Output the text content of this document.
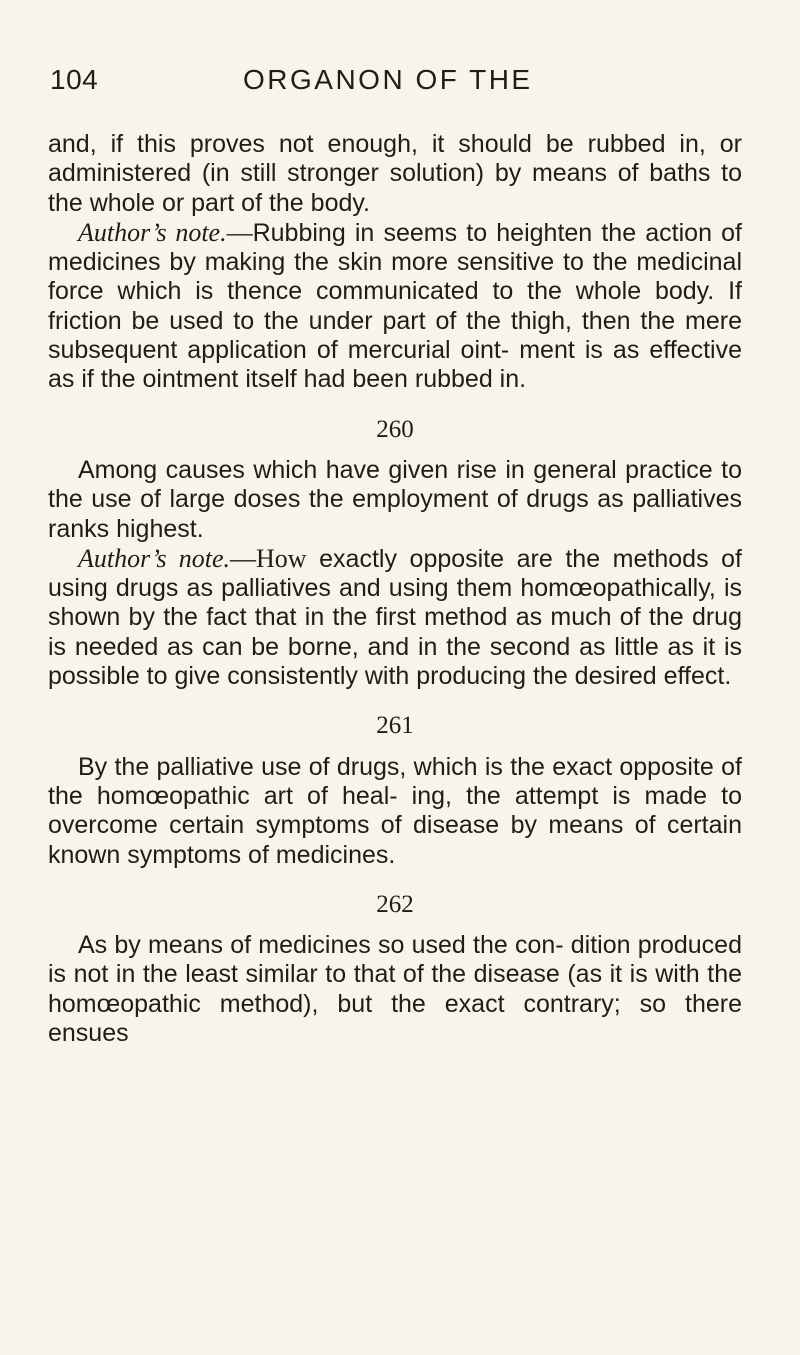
104	ORGANON OF THE

and, if this proves not enough, it should be rubbed in, or administered (in still stronger solution) by means of baths to the whole or part of the body.

Author’s note.—Rubbing in seems to heighten the action of medicines by making the skin more sensitive to the medicinal force which is thence communicated to the whole body. If friction be used to the under part of the thigh, then the mere subsequent application of mercurial oint- ment is as effective as if the ointment itself had been rubbed in.

260

Among causes which have given rise in general practice to the use of large doses the employment of drugs as palliatives ranks highest.

Author’s note.—How exactly opposite are the methods of using drugs as palliatives and using them homœopathically, is shown by the fact that in the first method as much of the drug is needed as can be borne, and in the second as little as it is possible to give consistently with producing the desired effect.

261

By the palliative use of drugs, which is the exact opposite of the homœopathic art of heal- ing, the attempt is made to overcome certain symptoms of disease by means of certain known symptoms of medicines.

262

As by means of medicines so used the con- dition produced is not in the least similar to that of the disease (as it is with the homœopathic method), but the exact contrary; so there ensues
